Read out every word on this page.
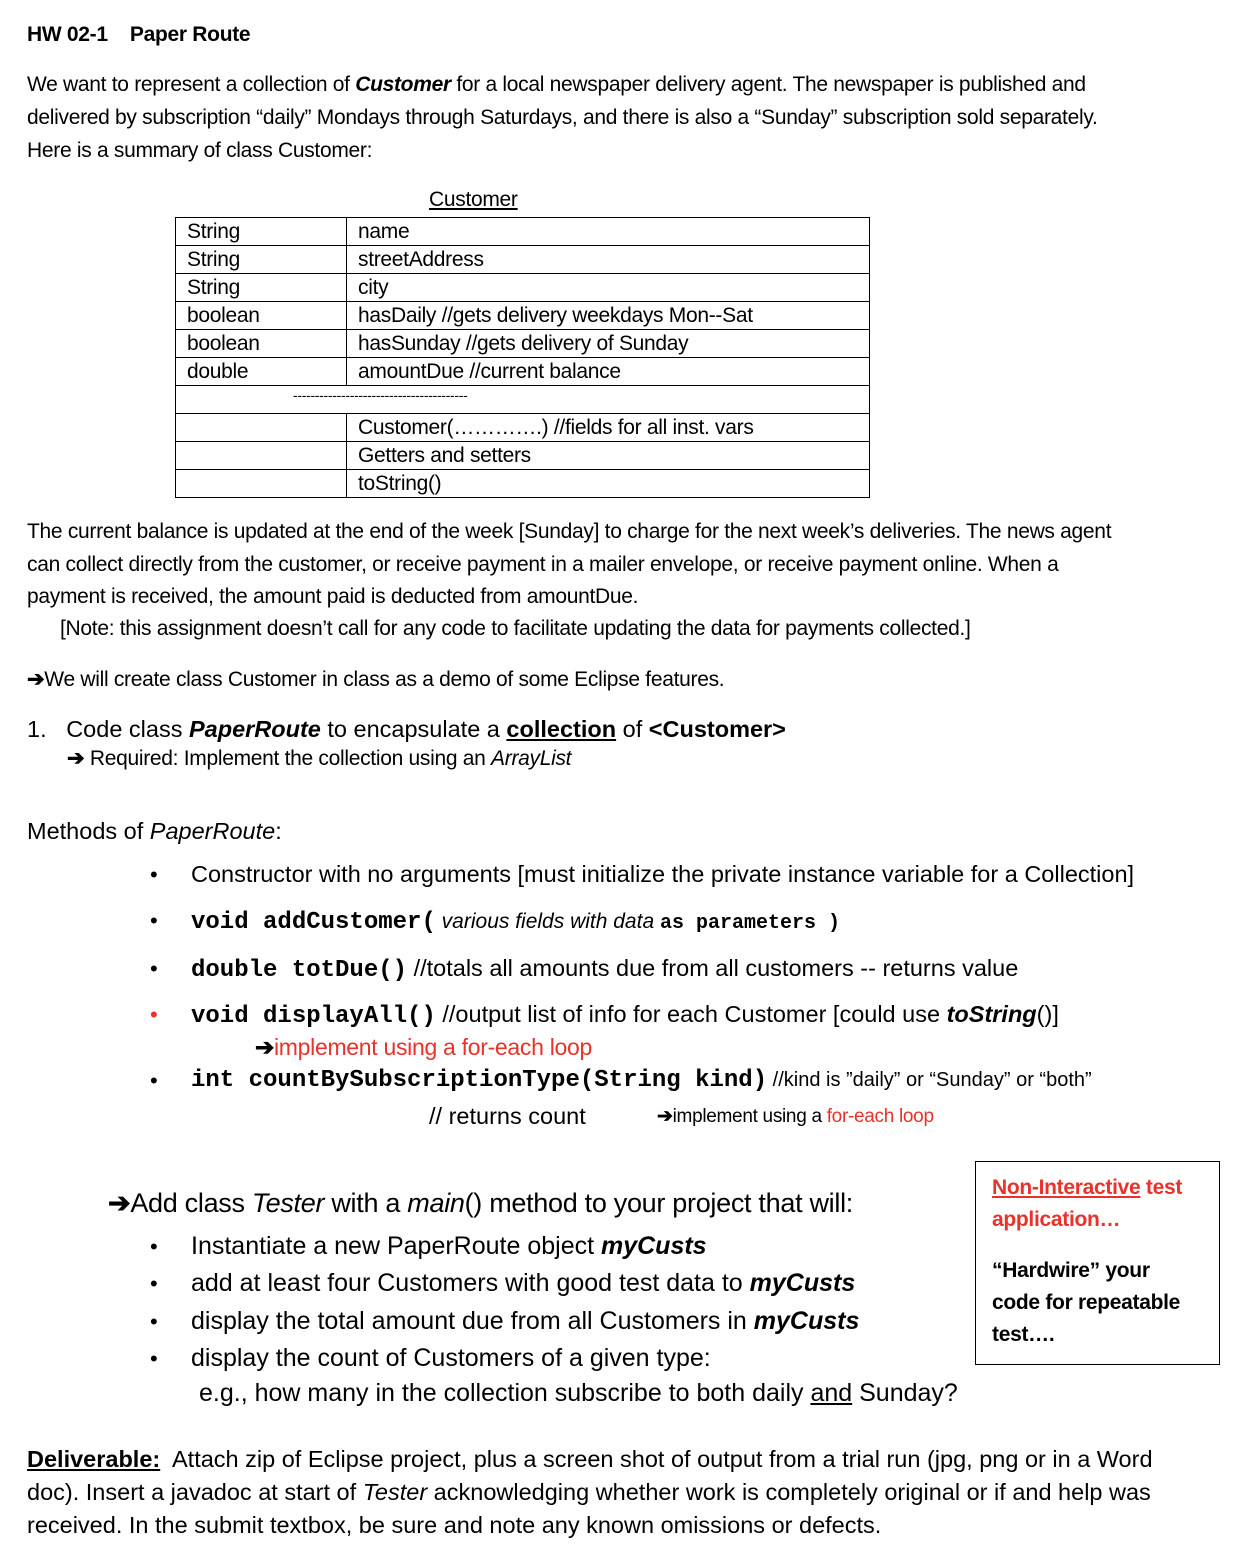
HW 02-1 Paper Route
We want to represent a collection of Customer for a local newspaper delivery agent. The newspaper is published and
delivered by subscription “daily” Mondays through Saturdays, and there is also a “Sunday” subscription sold separately.
Here is a summary of class Customer:
Customer
String	name
String	streetAddress
String	city
boolean	hasDaily //gets delivery weekdays Mon--Sat
boolean	hasSunday //gets delivery of Sunday
double	amountDue //current balance
----------------------------------------	
	Customer(………….) //fields for all inst. vars
	Getters and setters
	toString()
The current balance is updated at the end of the week [Sunday] to charge for the next week’s deliveries. The news agent
can collect directly from the customer, or receive payment in a mailer envelope, or receive payment online. When a
payment is received, the amount paid is deducted from amountDue.
[Note: this assignment doesn’t call for any code to facilitate updating the data for payments collected.]
➔We will create class Customer in class as a demo of some Eclipse features.
1. Code class PaperRoute to encapsulate a collection of <Customer>
➔ Required: Implement the collection using an ArrayList
Methods of PaperRoute:
• Constructor with no arguments [must initialize the private instance variable for a Collection]
• void addCustomer( various fields with data as parameters )
• double totDue() //totals all amounts due from all customers -- returns value
• void displayAll() //output list of info for each Customer [could use toString()]
➔implement using a for-each loop
• int countBySubscriptionType(String kind) //kind is ”daily” or “Sunday” or “both”
// returns count	➔implement using a for-each loop
➔Add class Tester with a main() method to your project that will:
• Instantiate a new PaperRoute object myCusts
• add at least four Customers with good test data to myCusts
• display the total amount due from all Customers in myCusts
• display the count of Customers of a given type:
e.g., how many in the collection subscribe to both daily and Sunday?
Non-Interactive test application…
“Hardwire” your code for repeatable test….
Deliverable:  Attach zip of Eclipse project, plus a screen shot of output from a trial run (jpg, png or in a Word
doc). Insert a javadoc at start of Tester acknowledging whether work is completely original or if and help was
received. In the submit textbox, be sure and note any known omissions or defects.
